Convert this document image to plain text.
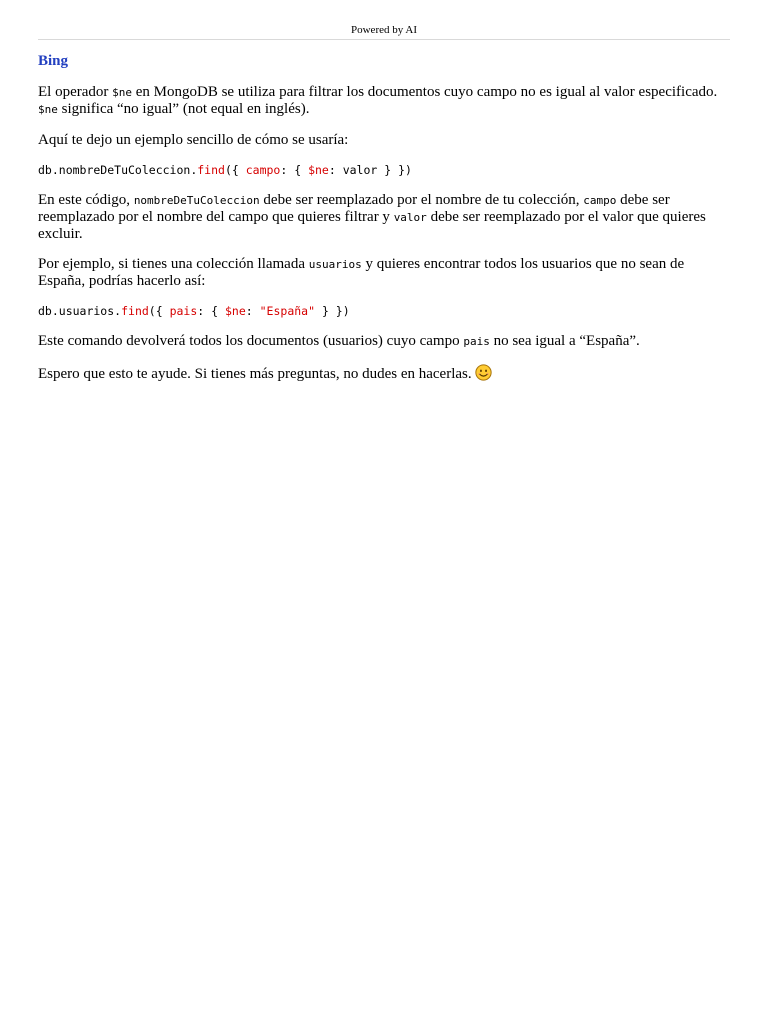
Powered by AI
Bing

El operador $ne en MongoDB se utiliza para filtrar los documentos cuyo campo no es igual al valor especificado. $ne significa “no igual” (not equal en inglés).

Aquí te dejo un ejemplo sencillo de cómo se usaría:

db.nombreDeTuColeccion.find({ campo: { $ne: valor } })

En este código, nombreDeTuColeccion debe ser reemplazado por el nombre de tu colección, campo debe ser reemplazado por el nombre del campo que quieres filtrar y valor debe ser reemplazado por el valor que quieres excluir.

Por ejemplo, si tienes una colección llamada usuarios y quieres encontrar todos los usuarios que no sean de España, podrías hacerlo así:

db.usuarios.find({ pais: { $ne: "España" } })

Este comando devolverá todos los documentos (usuarios) cuyo campo pais no sea igual a “España”.

Espero que esto te ayude. Si tienes más preguntas, no dudes en hacerlas.
